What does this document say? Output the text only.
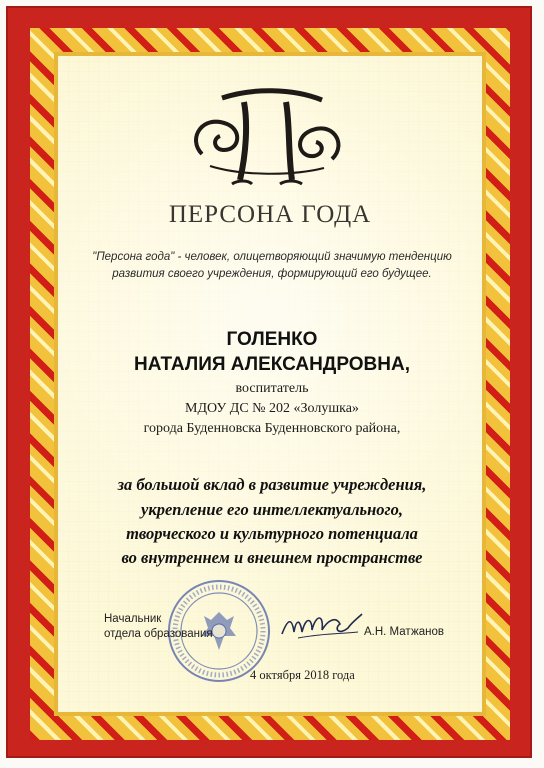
ПЕРСОНА ГОДА
"Персона года" - человек, олицетворяющий значимую тенденцию
развития своего учреждения, формирующий его будущее.
ГОЛЕНКО
НАТАЛИЯ АЛЕКСАНДРОВНА,
воспитатель
МДОУ ДС № 202 «Золушка»
города Буденновска Буденновского района,
за большой вклад в развитие учреждения,
укрепление его интеллектуального,
творческого и культурного потенциала
во внутреннем и внешнем пространстве
Начальник
отдела образования	А.Н. Матжанов
4 октября 2018 года
